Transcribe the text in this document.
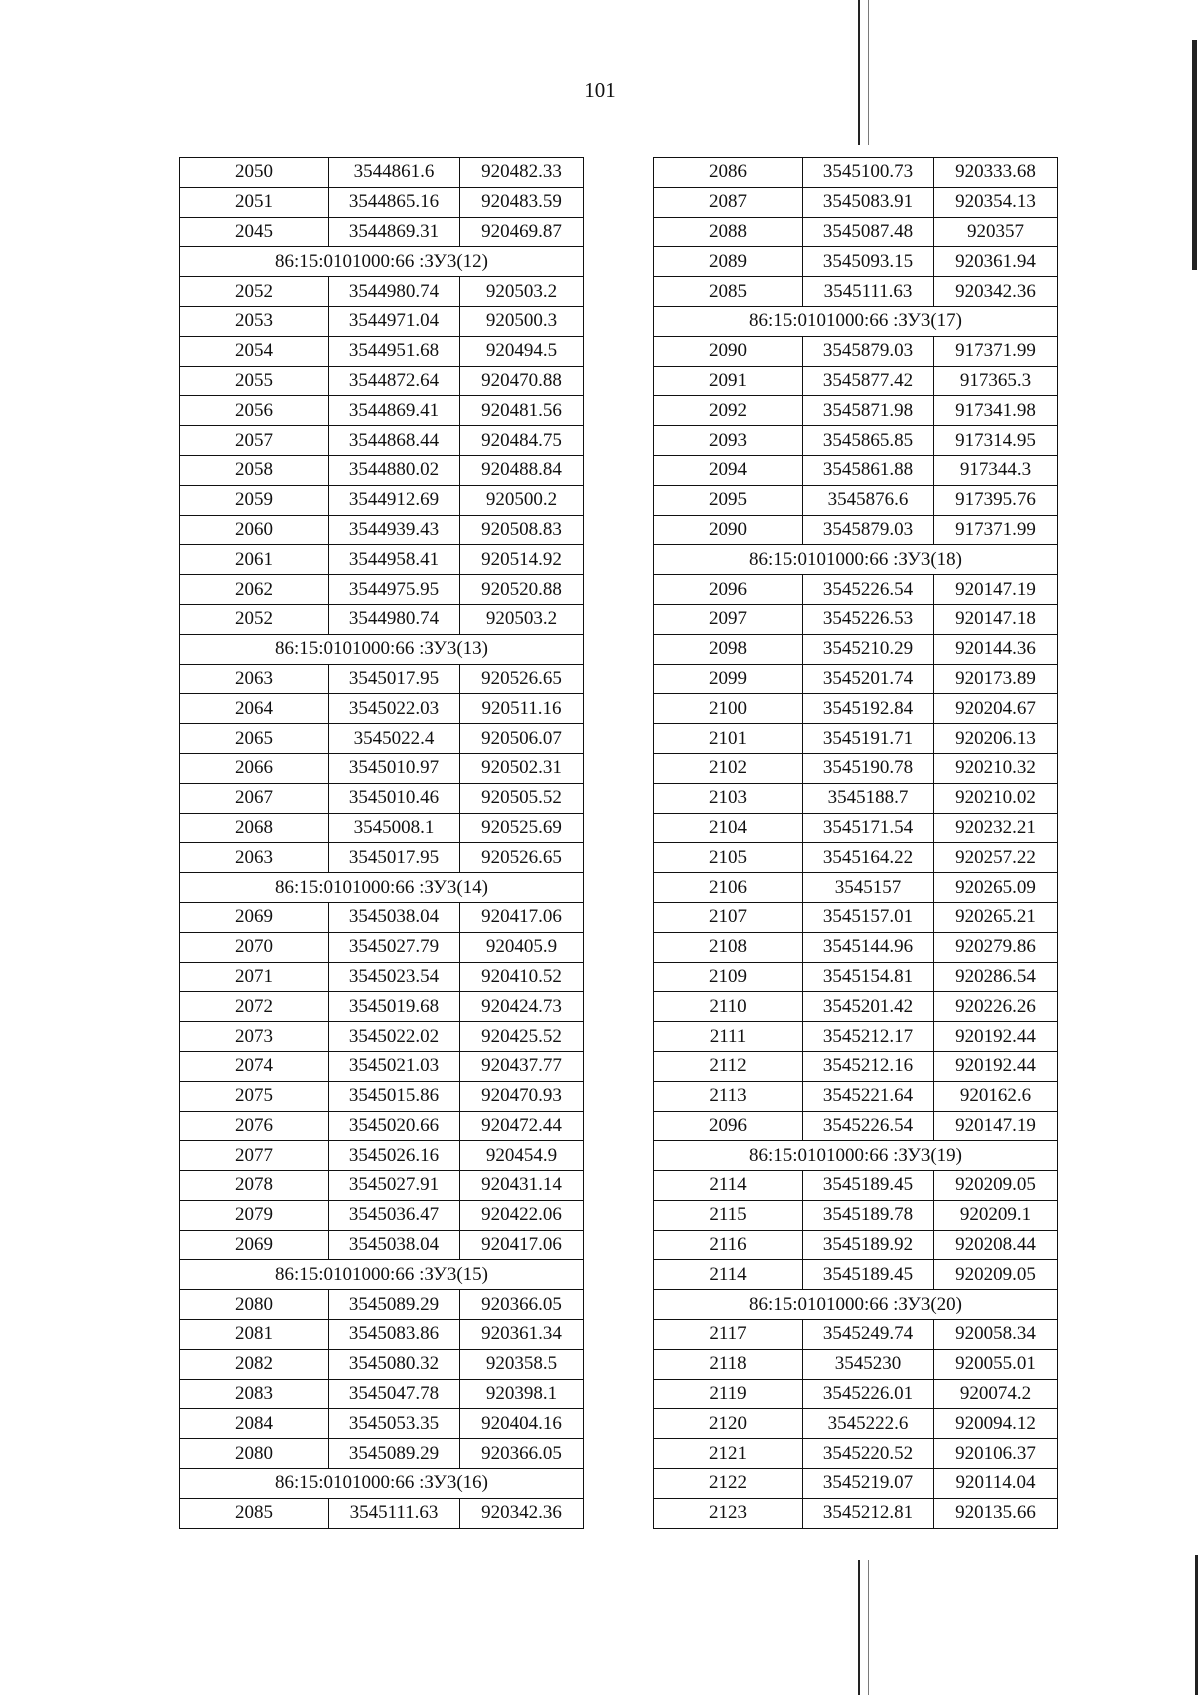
101
2050	3544861.6	920482.33
2051	3544865.16	920483.59
2045	3544869.31	920469.87
86:15:0101000:66 :ЗУ3(12)		
2052	3544980.74	920503.2
2053	3544971.04	920500.3
2054	3544951.68	920494.5
2055	3544872.64	920470.88
2056	3544869.41	920481.56
2057	3544868.44	920484.75
2058	3544880.02	920488.84
2059	3544912.69	920500.2
2060	3544939.43	920508.83
2061	3544958.41	920514.92
2062	3544975.95	920520.88
2052	3544980.74	920503.2
86:15:0101000:66 :ЗУ3(13)		
2063	3545017.95	920526.65
2064	3545022.03	920511.16
2065	3545022.4	920506.07
2066	3545010.97	920502.31
2067	3545010.46	920505.52
2068	3545008.1	920525.69
2063	3545017.95	920526.65
86:15:0101000:66 :ЗУ3(14)		
2069	3545038.04	920417.06
2070	3545027.79	920405.9
2071	3545023.54	920410.52
2072	3545019.68	920424.73
2073	3545022.02	920425.52
2074	3545021.03	920437.77
2075	3545015.86	920470.93
2076	3545020.66	920472.44
2077	3545026.16	920454.9
2078	3545027.91	920431.14
2079	3545036.47	920422.06
2069	3545038.04	920417.06
86:15:0101000:66 :ЗУ3(15)		
2080	3545089.29	920366.05
2081	3545083.86	920361.34
2082	3545080.32	920358.5
2083	3545047.78	920398.1
2084	3545053.35	920404.16
2080	3545089.29	920366.05
86:15:0101000:66 :ЗУ3(16)		
2085	3545111.63	920342.36
2086	3545100.73	920333.68
2087	3545083.91	920354.13
2088	3545087.48	920357
2089	3545093.15	920361.94
2085	3545111.63	920342.36
86:15:0101000:66 :ЗУ3(17)		
2090	3545879.03	917371.99
2091	3545877.42	917365.3
2092	3545871.98	917341.98
2093	3545865.85	917314.95
2094	3545861.88	917344.3
2095	3545876.6	917395.76
2090	3545879.03	917371.99
86:15:0101000:66 :ЗУ3(18)		
2096	3545226.54	920147.19
2097	3545226.53	920147.18
2098	3545210.29	920144.36
2099	3545201.74	920173.89
2100	3545192.84	920204.67
2101	3545191.71	920206.13
2102	3545190.78	920210.32
2103	3545188.7	920210.02
2104	3545171.54	920232.21
2105	3545164.22	920257.22
2106	3545157	920265.09
2107	3545157.01	920265.21
2108	3545144.96	920279.86
2109	3545154.81	920286.54
2110	3545201.42	920226.26
2111	3545212.17	920192.44
2112	3545212.16	920192.44
2113	3545221.64	920162.6
2096	3545226.54	920147.19
86:15:0101000:66 :ЗУ3(19)		
2114	3545189.45	920209.05
2115	3545189.78	920209.1
2116	3545189.92	920208.44
2114	3545189.45	920209.05
86:15:0101000:66 :ЗУ3(20)		
2117	3545249.74	920058.34
2118	3545230	920055.01
2119	3545226.01	920074.2
2120	3545222.6	920094.12
2121	3545220.52	920106.37
2122	3545219.07	920114.04
2123	3545212.81	920135.66
